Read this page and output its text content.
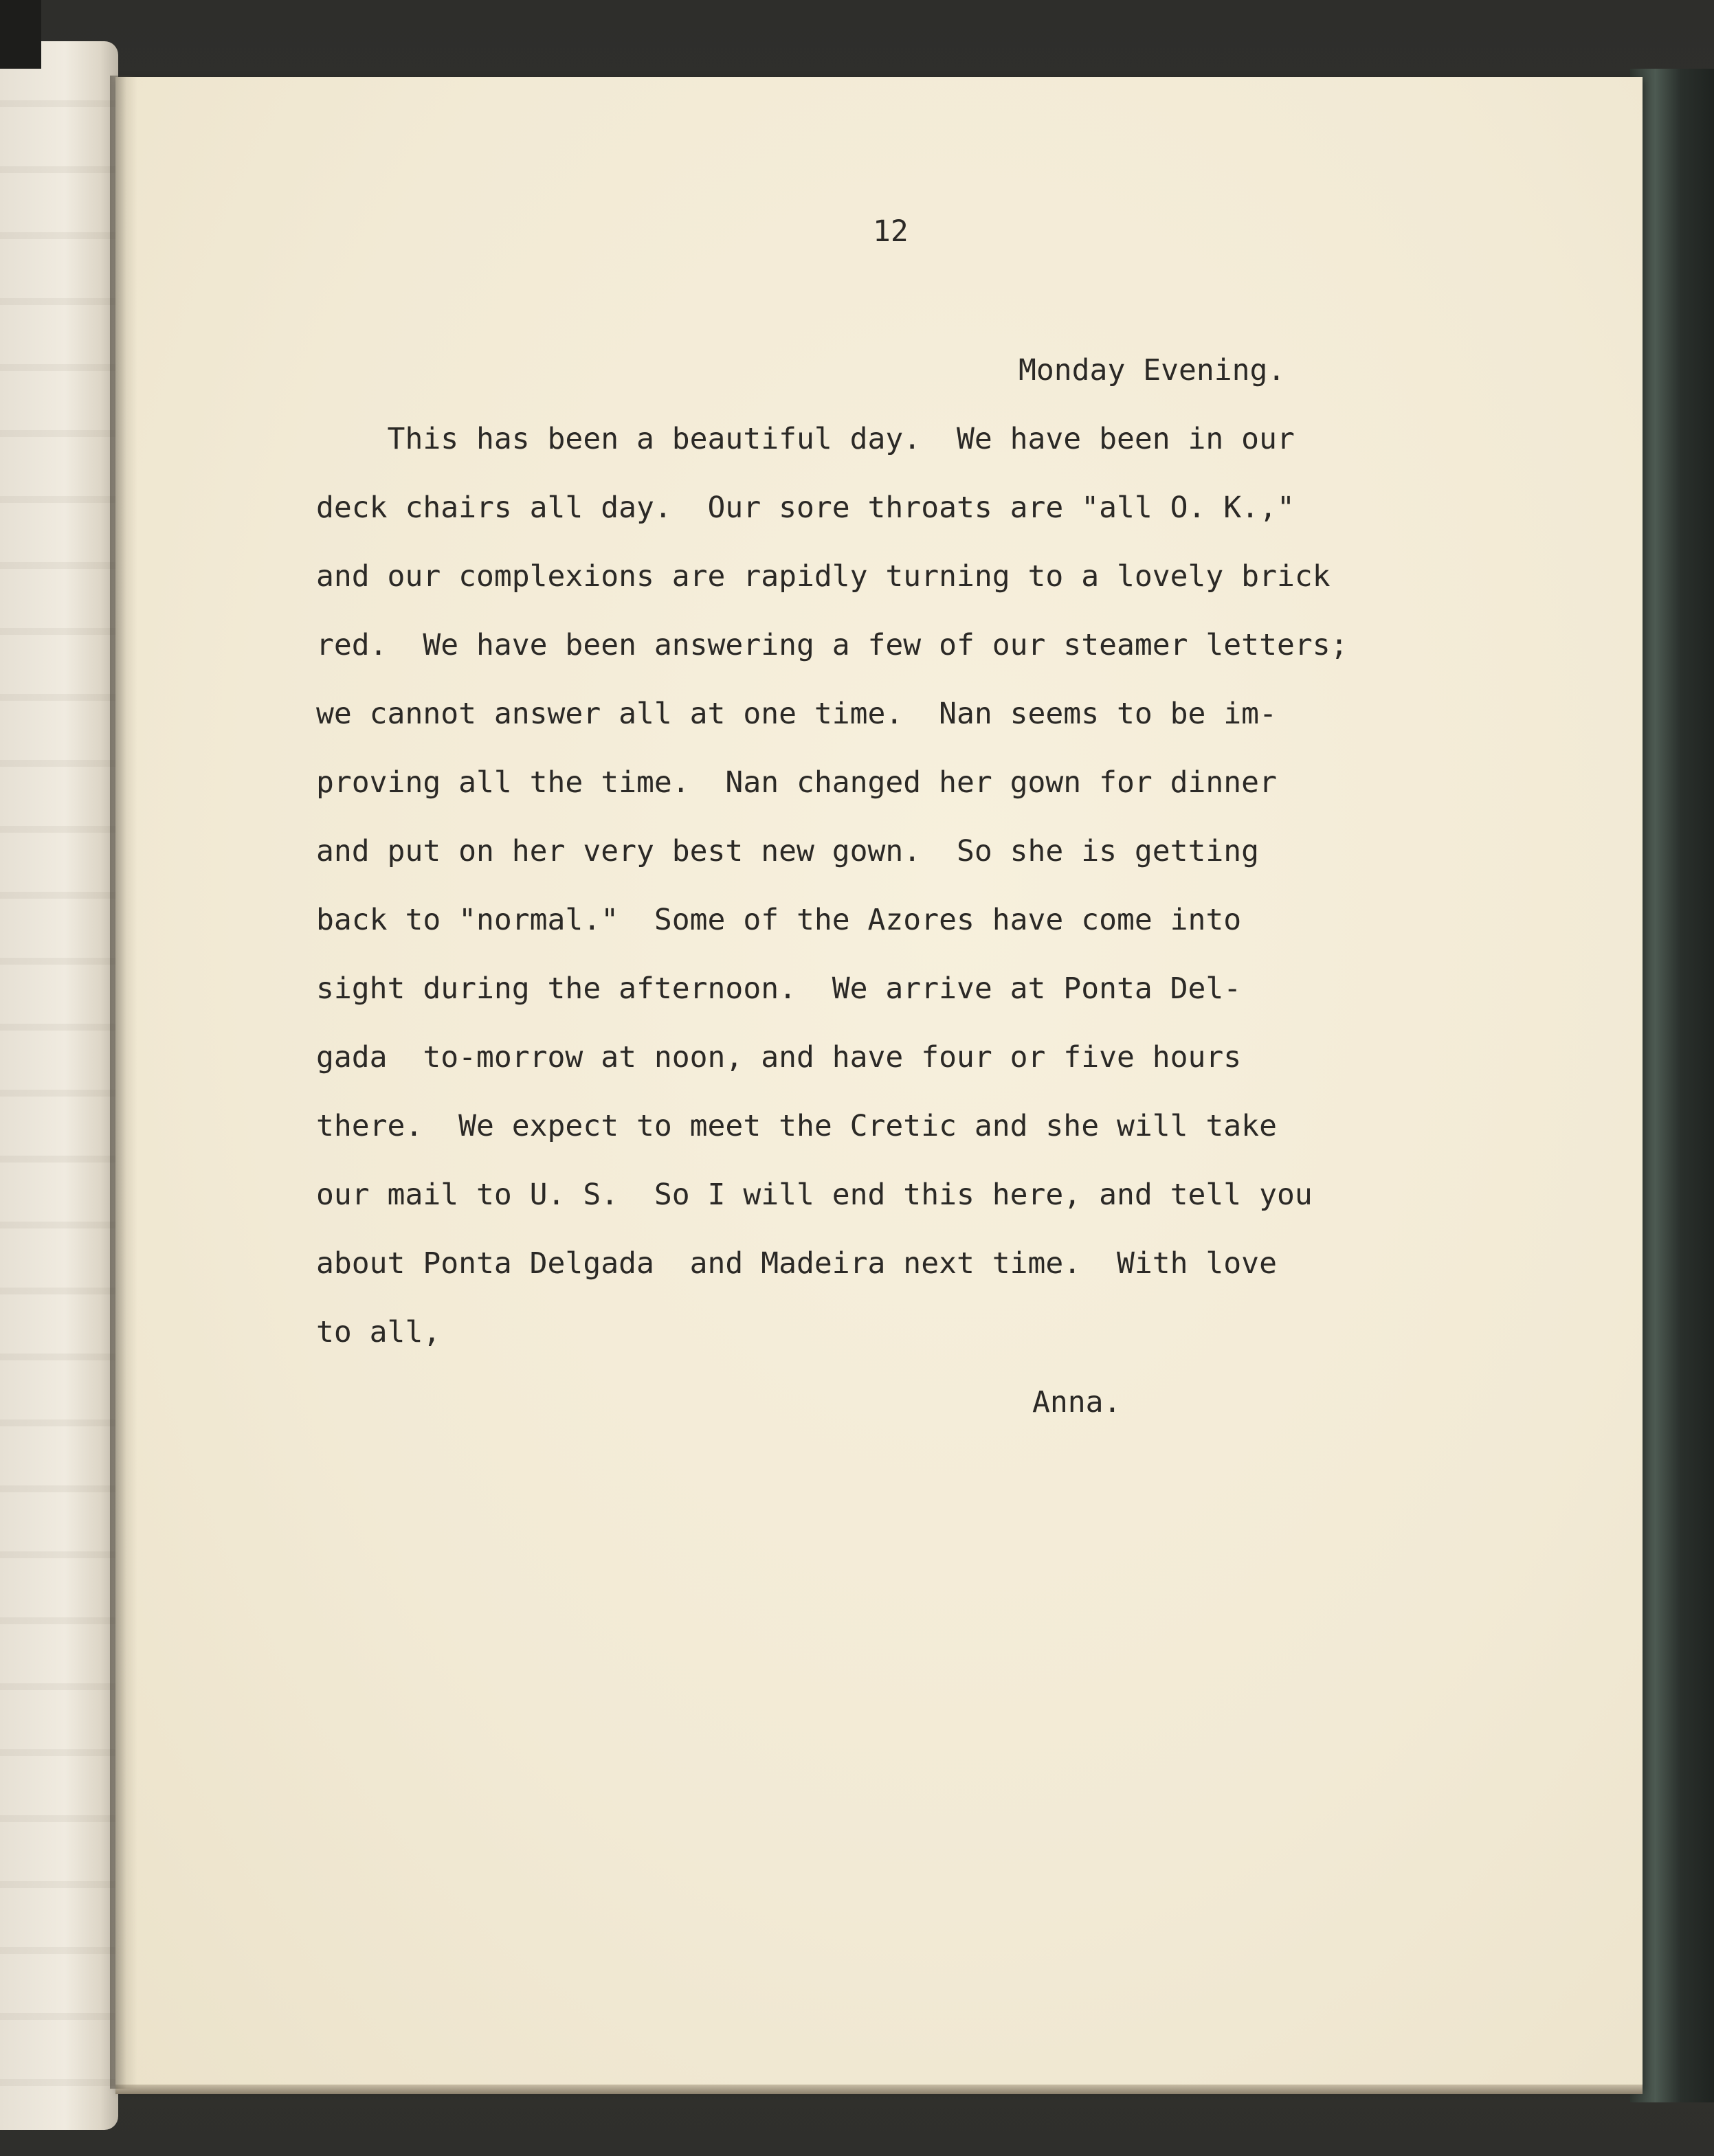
12
Monday Evening.
This has been a beautiful day.  We have been in our
deck chairs all day.  Our sore throats are "all O. K.,"
and our complexions are rapidly turning to a lovely brick
red.  We have been answering a few of our steamer letters;
we cannot answer all at one time.  Nan seems to be im-
proving all the time.  Nan changed her gown for dinner
and put on her very best new gown.  So she is getting
back to "normal."  Some of the Azores have come into
sight during the afternoon.  We arrive at Ponta Del-
gada  to-morrow at noon, and have four or five hours
there.  We expect to meet the Cretic and she will take
our mail to U. S.  So I will end this here, and tell you
about Ponta Delgada  and Madeira next time.  With love
to all,
Anna.
